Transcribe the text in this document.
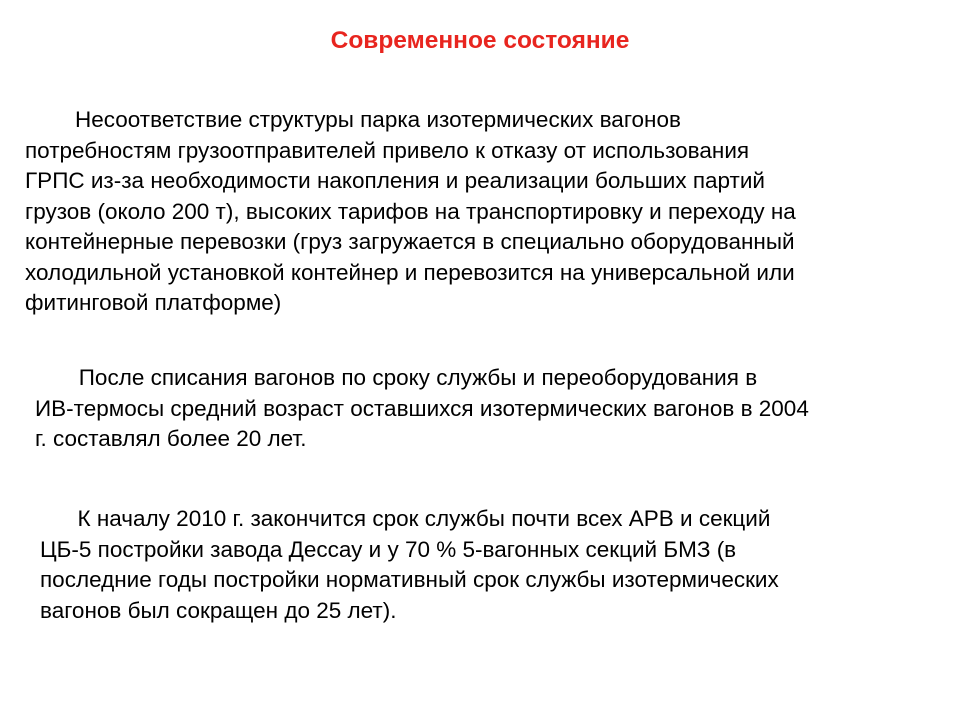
Современное состояние
Несоответствие структуры парка изотермических вагонов
потребностям грузоотправителей привело к отказу от использования
ГРПС из-за необходимости накопления и реализации больших партий
грузов (около 200 т), высоких тарифов на транспортировку и переходу на
контейнерные перевозки (груз загружается в специально оборудованный
холодильной установкой контейнер и перевозится на универсальной или
фитинговой платформе)
После списания вагонов по сроку службы и переоборудования в
ИВ-термосы средний возраст оставшихся изотермических вагонов в 2004
г. составлял более 20 лет.
К началу 2010 г. закончится срок службы почти всех АРВ и секций
ЦБ-5 постройки завода Дессау и у 70 % 5-вагонных секций БМЗ (в
последние годы постройки нормативный срок службы изотермических
вагонов был сокращен до 25 лет).
